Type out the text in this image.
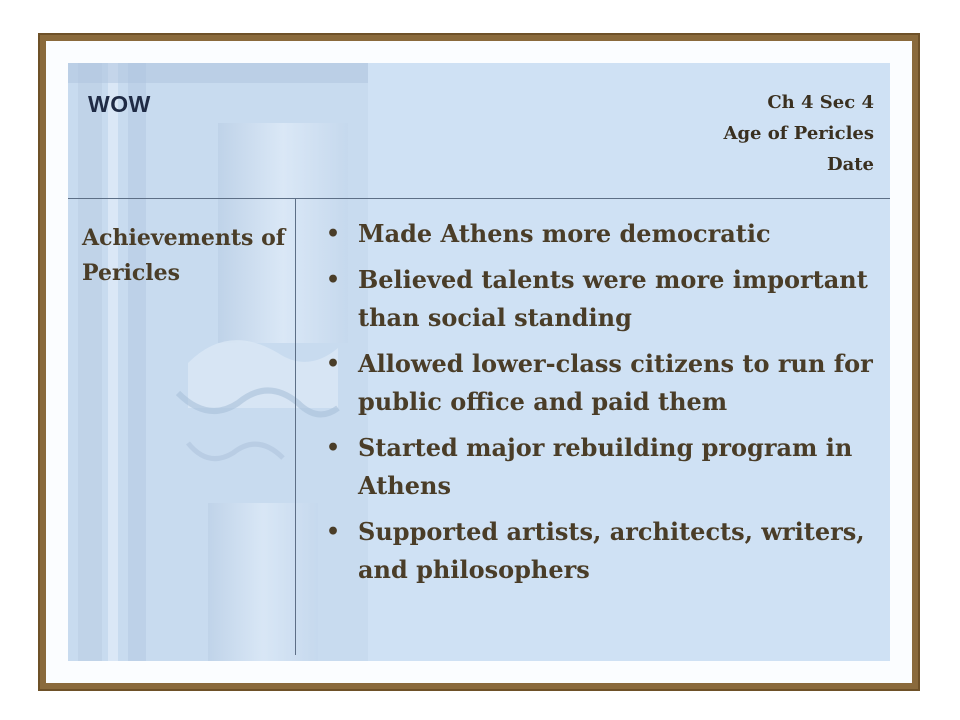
WOW	Ch 4 Sec 4
Age of Pericles
Date
Achievements of Pericles
• Made Athens more democratic
• Believed talents were more important than social standing
• Allowed lower-class citizens to run for public office and paid them
• Started major rebuilding program in Athens
• Supported artists, architects, writers, and philosophers
